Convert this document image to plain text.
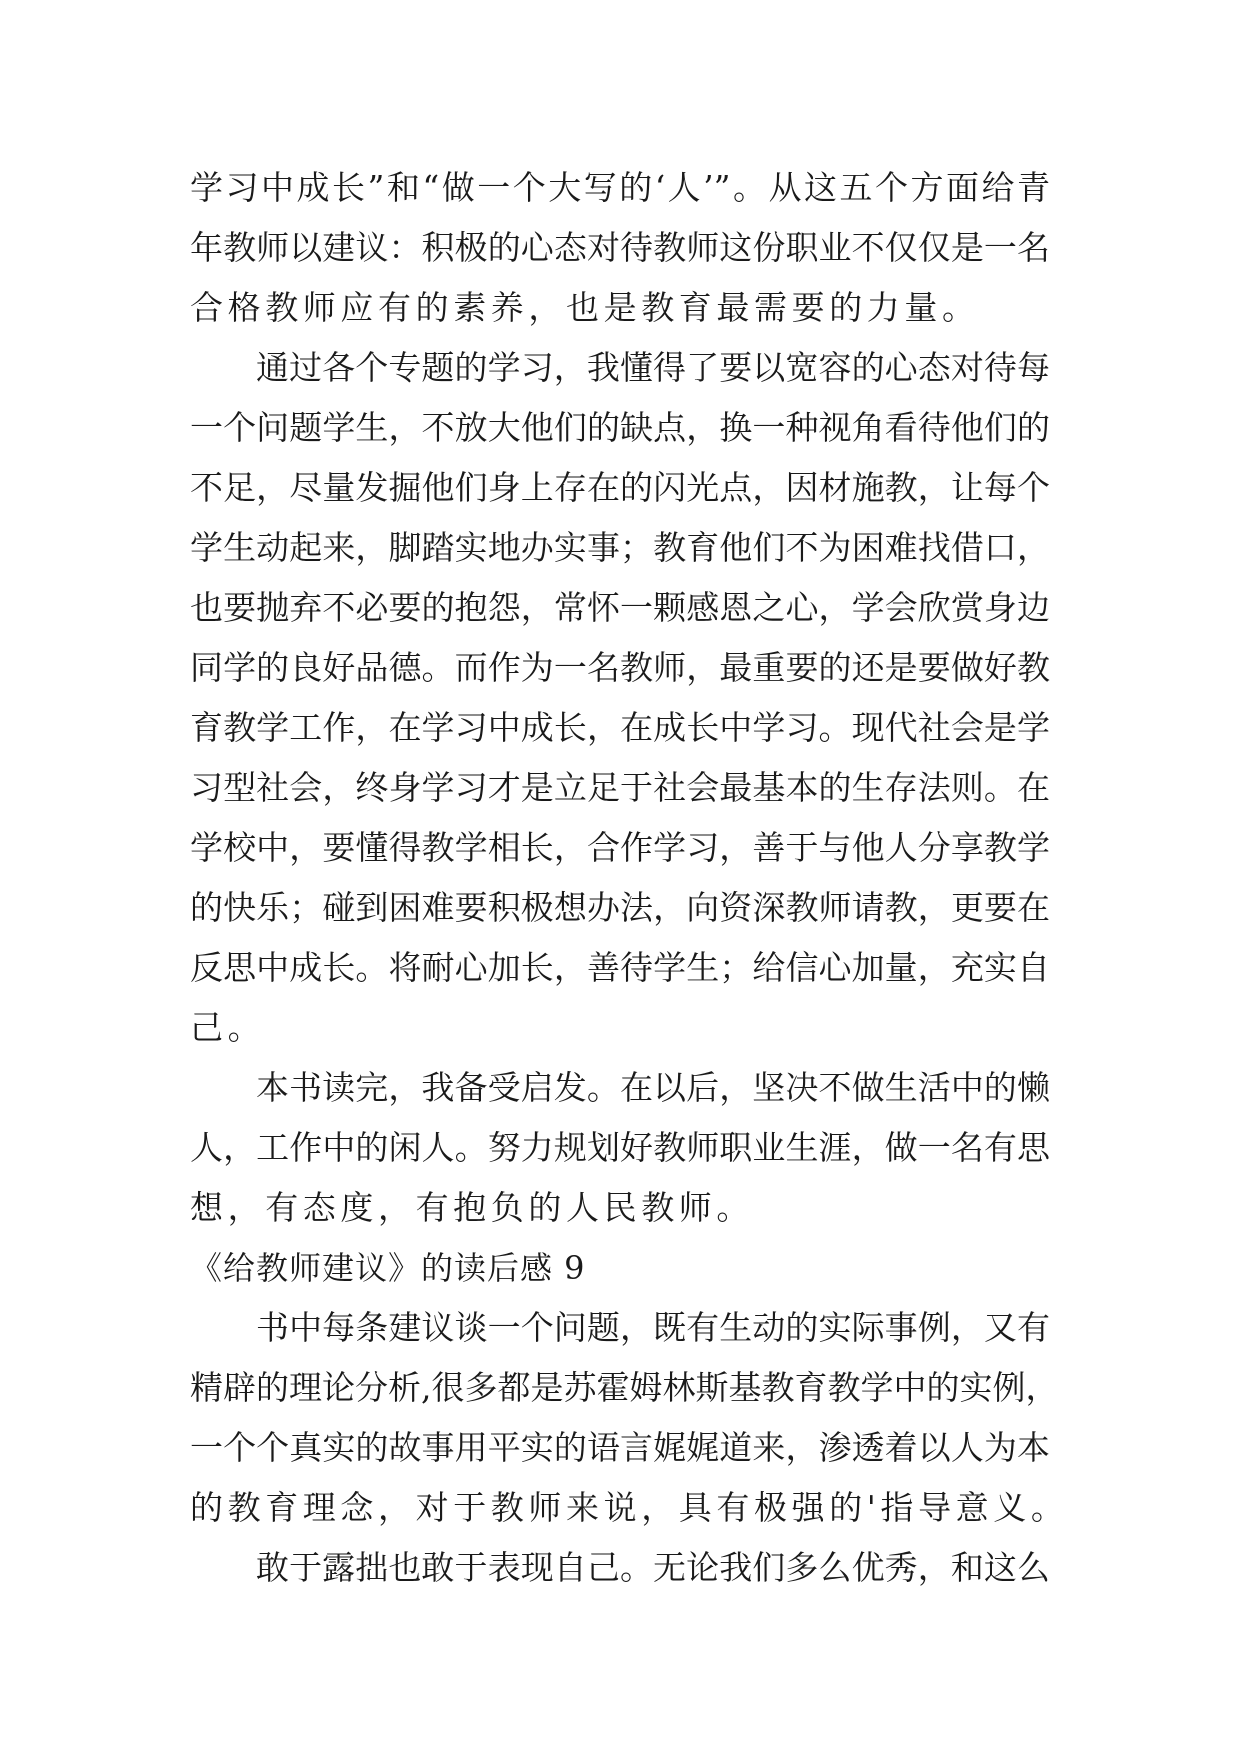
学习中成长”和“做一个大写的‘人’”。从这五个方面给青
年教师以建议：积极的心态对待教师这份职业不仅仅是一名
合格教师应有的素养，也是教育最需要的力量。
通过各个专题的学习，我懂得了要以宽容的心态对待每
一个问题学生，不放大他们的缺点，换一种视角看待他们的
不足，尽量发掘他们身上存在的闪光点，因材施教，让每个
学生动起来，脚踏实地办实事；教育他们不为困难找借口，
也要抛弃不必要的抱怨，常怀一颗感恩之心，学会欣赏身边
同学的良好品德。而作为一名教师，最重要的还是要做好教
育教学工作，在学习中成长，在成长中学习。现代社会是学
习型社会，终身学习才是立足于社会最基本的生存法则。在
学校中，要懂得教学相长，合作学习，善于与他人分享教学
的快乐；碰到困难要积极想办法，向资深教师请教，更要在
反思中成长。将耐心加长，善待学生；给信心加量，充实自
己。
本书读完，我备受启发。在以后，坚决不做生活中的懒
人，工作中的闲人。努力规划好教师职业生涯，做一名有思
想，有态度，有抱负的人民教师。
《给教师建议》的读后感 9
书中每条建议谈一个问题，既有生动的实际事例，又有
精辟的理论分析,很多都是苏霍姆林斯基教育教学中的实例，
一个个真实的故事用平实的语言娓娓道来，渗透着以人为本
的教育理念，对于教师来说，具有极强的'指导意义。
敢于露拙也敢于表现自己。无论我们多么优秀，和这么
